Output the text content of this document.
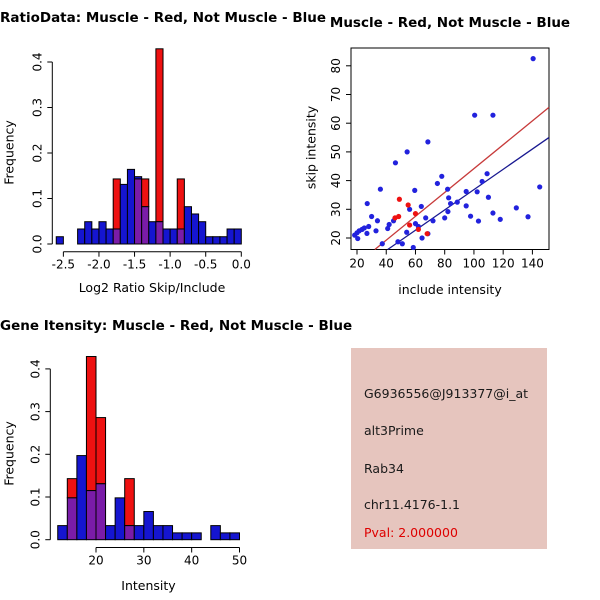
-2.5 -2.0 -1.5 -1.0 -0.5 0.0
0.0
0.1
0.2
0.3
0.4
20 40 60 80 100 120 140
20
30
40
50
60
70
80
20	30	40	50
0.0
0.1
0.2
0.3
0.4
RatioData: Muscle - Red, Not Muscle - Blue
Frequency
Log2 Ratio Skip/Include
Muscle - Red, Not Muscle - Blue
skip intensity
include intensity
Gene Itensity: Muscle - Red, Not Muscle - Blue
Frequency
Intensity
G6936556@J913377@i_at
alt3Prime
Rab34
chr11.4176-1.1
Pval: 2.000000
